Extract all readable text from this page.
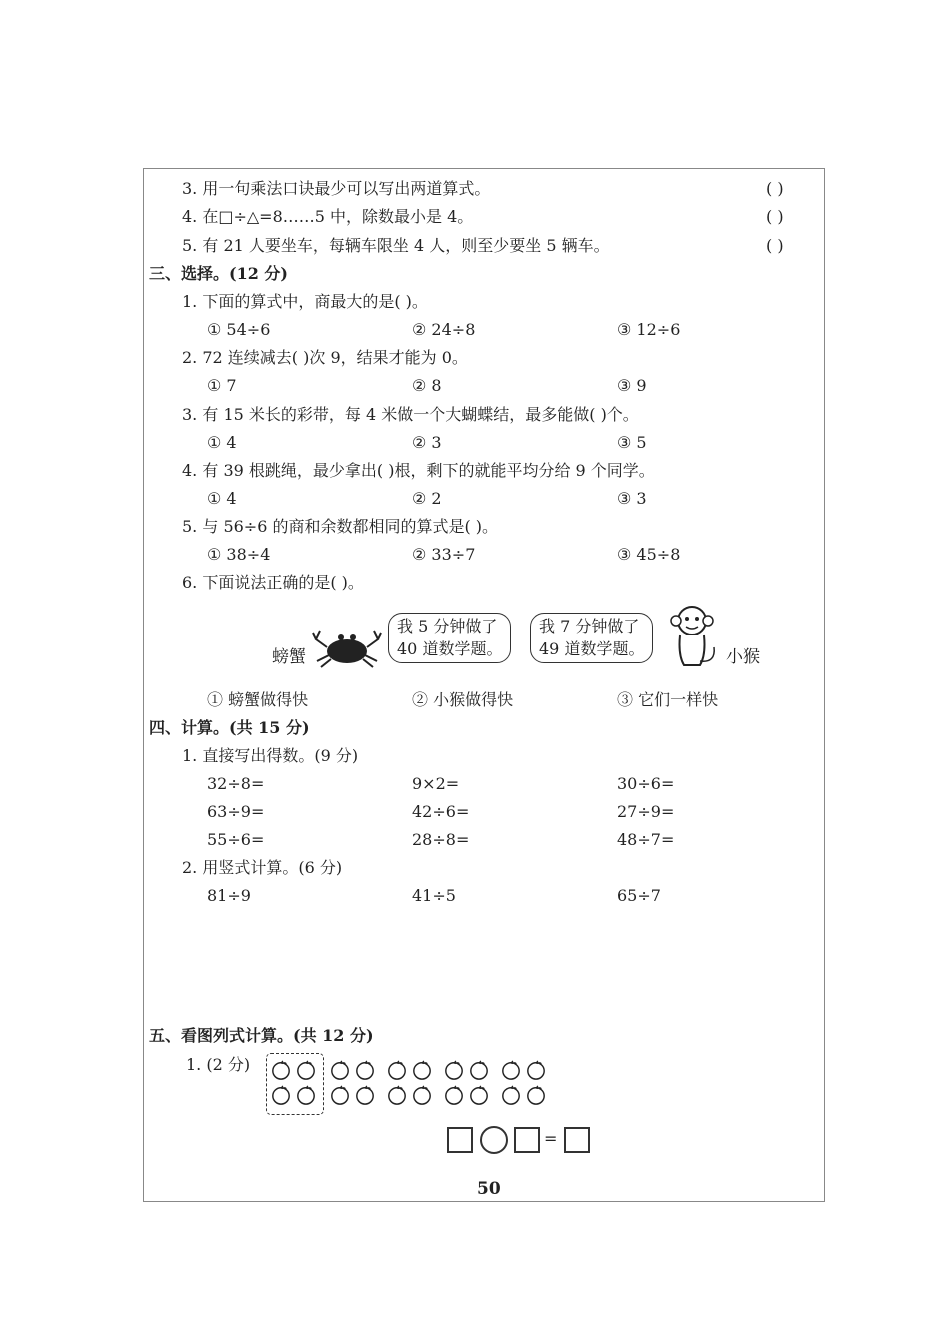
3. 用一句乘法口诀最少可以写出两道算式。	( )
4. 在□÷△=8……5 中，除数最小是 4。	( )
5. 有 21 人要坐车，每辆车限坐 4 人，则至少要坐 5 辆车。	( )
三、选择。(12 分)
1. 下面的算式中，商最大的是( )。
① 54÷6	② 24÷8	③ 12÷6
2. 72 连续减去( )次 9，结果才能为 0。
① 7	② 8	③ 9
3. 有 15 米长的彩带，每 4 米做一个大蝴蝶结，最多能做( )个。
① 4	② 3	③ 5
4. 有 39 根跳绳，最少拿出( )根，剩下的就能平均分给 9 个同学。
① 4	② 2	③ 3
5. 与 56÷6 的商和余数都相同的算式是( )。
① 38÷4	② 33÷7	③ 45÷8
6. 下面说法正确的是( )。
螃蟹
我 5 分钟做了
40 道数学题。
我 7 分钟做了
49 道数学题。	小猴
① 螃蟹做得快	② 小猴做得快	③ 它们一样快
四、计算。(共 15 分)
1. 直接写出得数。(9 分)
32÷8=	9×2=	30÷6=
63÷9=	42÷6=	27÷9=
55÷6=	28÷8=	48÷7=
2. 用竖式计算。(6 分)
81÷9	41÷5	65÷7
五、看图列式计算。(共 12 分)
1. (2 分)
=
50
